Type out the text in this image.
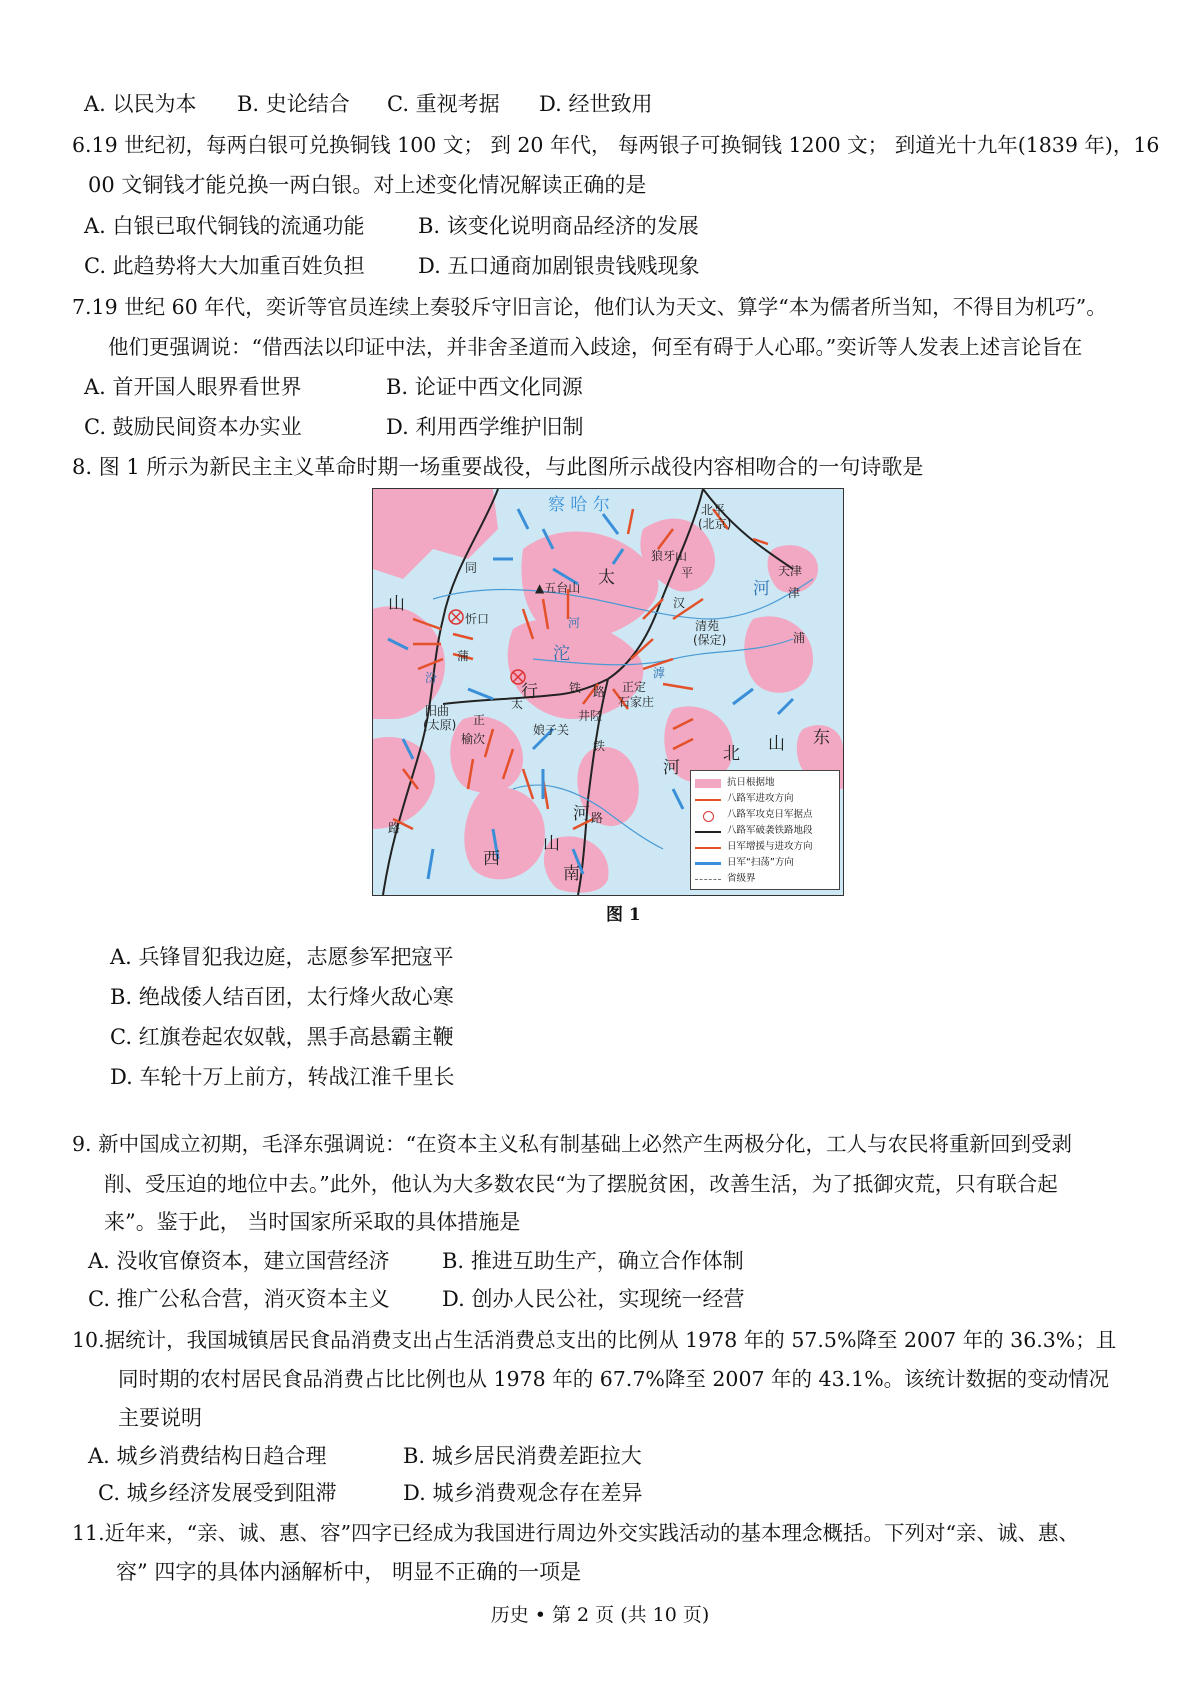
A. 以民为本 B. 史论结合 C. 重视考据 D. 经世致用
6.19 世纪初，每两白银可兑换铜钱 100 文； 到 20 年代， 每两银子可换铜钱 1200 文； 到道光十九年(1839 年)，16
00 文铜钱才能兑换一两白银。对上述变化情况解读正确的是
A. 白银已取代铜钱的流通功能	B. 该变化说明商品经济的发展
C. 此趋势将大大加重百姓负担	D. 五口通商加剧银贵钱贱现象
7.19 世纪 60 年代，奕䜣等官员连续上奏驳斥守旧言论，他们认为天文、算学“本为儒者所当知，不得目为机巧”。
他们更强调说：“借西法以印证中法，并非舍圣道而入歧途，何至有碍于人心耶。”奕䜣等人发表上述言论旨在
A. 首开国人眼界看世界	B. 论证中西文化同源
C. 鼓励民间资本办实业	D. 利用西学维护旧制
8. 图 1 所示为新民主主义革命时期一场重要战役，与此图所示战役内容相吻合的一句诗歌是
察 哈 尔	北平
(北京)
天津
狼牙山
▲五台山 太
行
山
忻口	清苑
(保定)
正定
石家庄
井陉
娘子关
阳曲
(太原)
榆次
同
蒲
路
正
太
铁 路
平
汉
铁
路
津
浦
河
河
北 山 东
山
西
河
南
汾	滹
沱
河
抗日根据地
八路军进攻方向
八路军攻克日军据点
八路军破袭铁路地段
日军增援与进攻方向
日军“扫荡”方向
省级界
图 1
A. 兵锋冒犯我边庭，志愿参军把寇平
B. 绝战倭人结百团，太行烽火敌心寒
C. 红旗卷起农奴戟，黑手高悬霸主鞭
D. 车轮十万上前方，转战江淮千里长
9. 新中国成立初期，毛泽东强调说：“在资本主义私有制基础上必然产生两极分化，工人与农民将重新回到受剥
削、受压迫的地位中去。”此外，他认为大多数农民“为了摆脱贫困，改善生活，为了抵御灾荒，只有联合起
来”。鉴于此， 当时国家所采取的具体措施是
A. 没收官僚资本，建立国营经济 B. 推进互助生产，确立合作体制
C. 推广公私合营，消灭资本主义 D. 创办人民公社，实现统一经营
10.据统计，我国城镇居民食品消费支出占生活消费总支出的比例从 1978 年的 57.5%降至 2007 年的 36.3%；且
同时期的农村居民食品消费占比比例也从 1978 年的 67.7%降至 2007 年的 43.1%。该统计数据的变动情况
主要说明
A. 城乡消费结构日趋合理	B. 城乡居民消费差距拉大
C. 城乡经济发展受到阻滞	D. 城乡消费观念存在差异
11.近年来，“亲、诚、惠、容”四字已经成为我国进行周边外交实践活动的基本理念概括。下列对“亲、诚、惠、
容” 四字的具体内涵解析中， 明显不正确的一项是
历史 • 第 2 页 (共 10 页)
